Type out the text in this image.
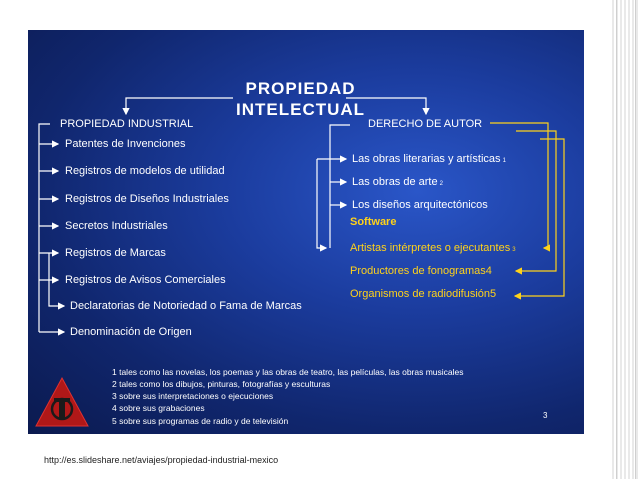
PROPIEDAD
INTELECTUAL
PROPIEDAD INDUSTRIAL	DERECHO DE AUTOR
Patentes de Invenciones
Registros de modelos de utilidad
Registros de Diseños Industriales
Secretos Industriales
Registros de Marcas
Registros de Avisos Comerciales
Declaratorias de Notoriedad o Fama de Marcas
Denominación de Origen
Las obras literarias y artísticas 1
Las obras de arte 2
Los diseños arquitectónicos
Software
Artistas intérpretes o ejecutantes 3
Productores de fonogramas4
Organismos de radiodifusión5
1 tales como las novelas, los poemas y las obras de teatro, las películas, las obras musicales
2 tales como los dibujos, pinturas, fotografías y esculturas
3 sobre sus interpretaciones o ejecuciones
4 sobre sus grabaciones
5 sobre sus programas de radio y de televisión
3
http://es.slideshare.net/aviajes/propiedad-industrial-mexico
